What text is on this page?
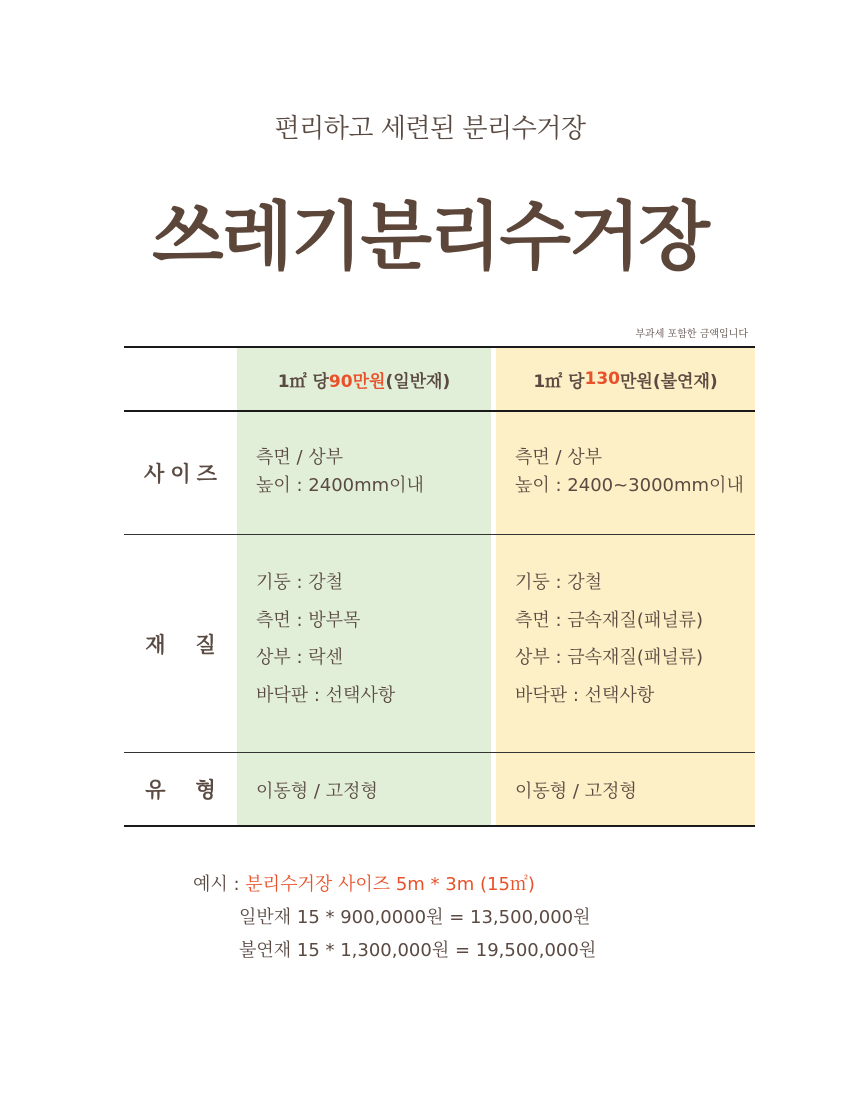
편리하고 세련된 분리수거장
쓰레기분리수거장
부과세 포함한 금액입니다
1㎡ 당 90만원 (일반재)	1㎡ 당 130 만원(불연재)
사 이 즈
측면 / 상부
높이 : 2400mm이내
측면 / 상부
높이 : 2400~3000mm이내
재 질
기둥 : 강철
측면 : 방부목
상부 : 락센
바닥판 : 선택사항
기둥 : 강철
측면 : 금속재질(패널류)
상부 : 금속재질(패널류)
바닥판 : 선택사항
유 형 이동형 / 고정형	이동형 / 고정형
예시 : 분리수거장 사이즈 5m * 3m (15㎡)
일반재 15 * 900,0000원 = 13,500,000원
불연재 15 * 1,300,000원 = 19,500,000원
